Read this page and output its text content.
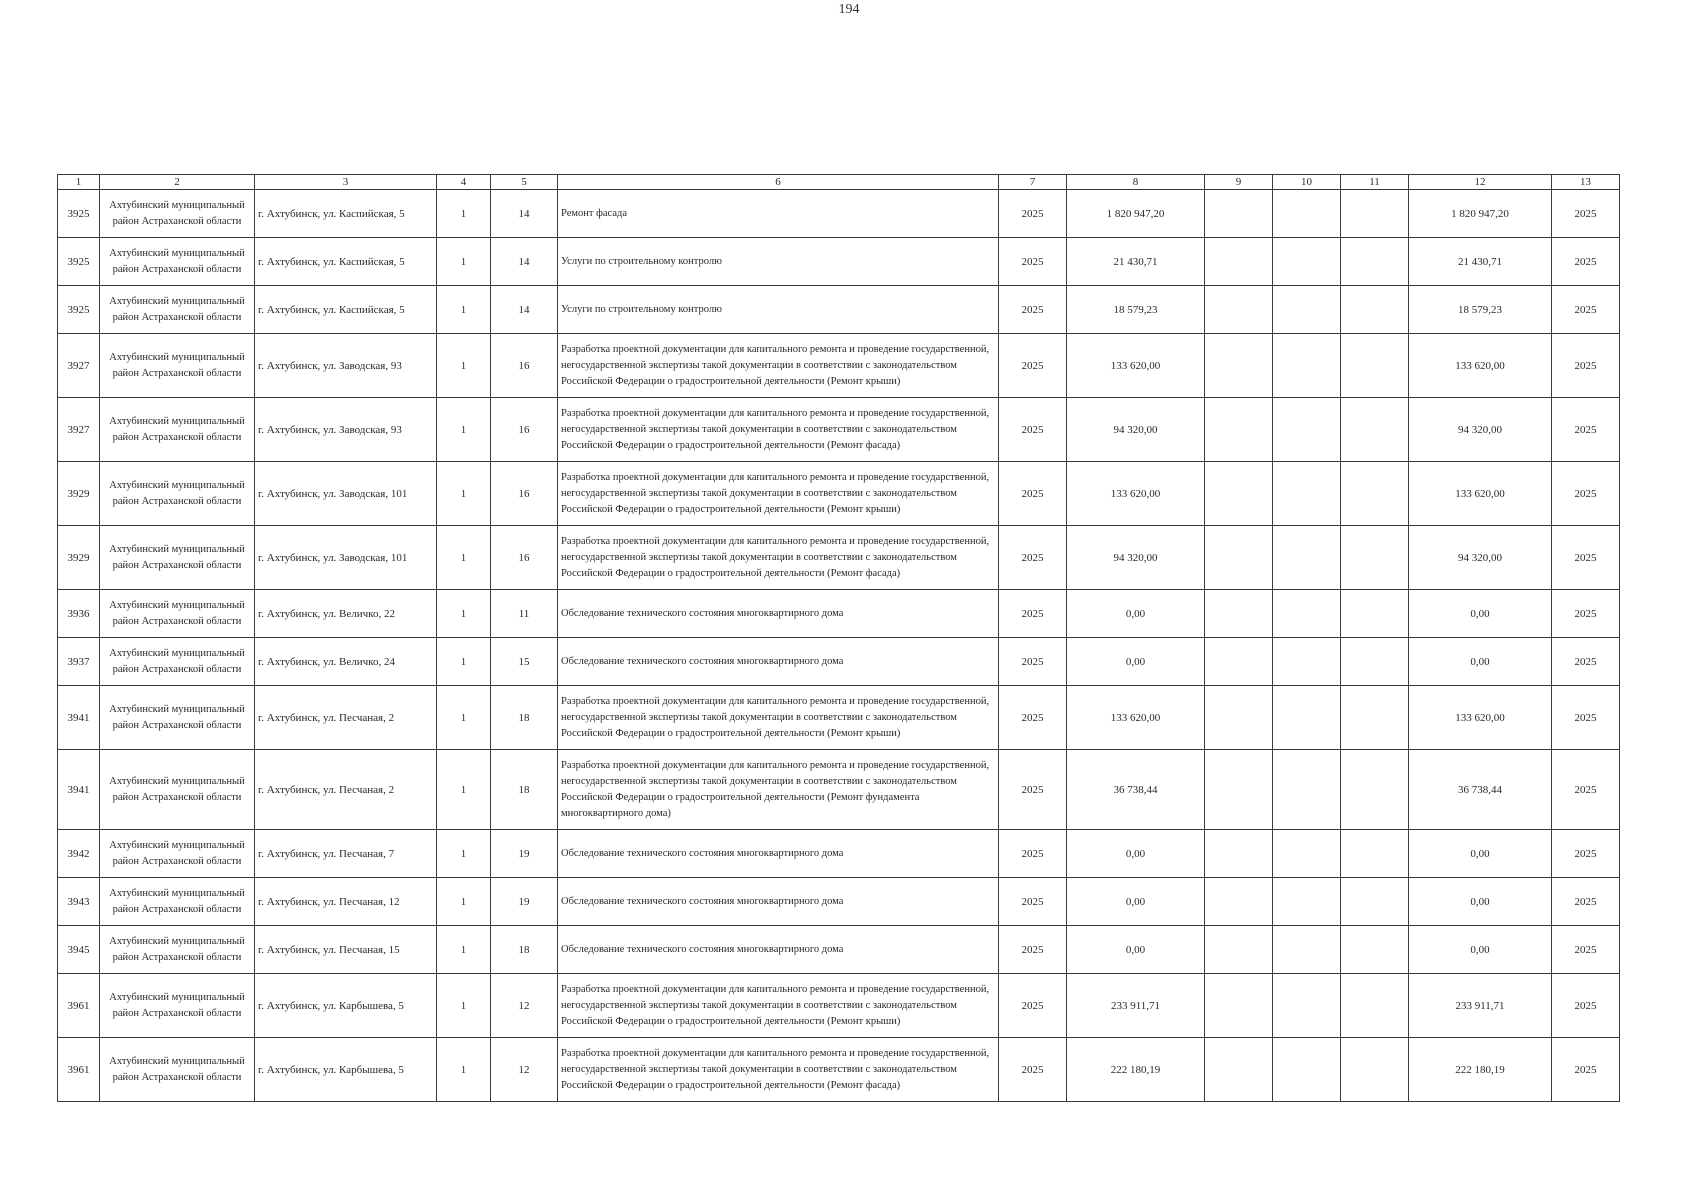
194
1	2	3	4	5	6	7	8	9	10	11	12	13
3925	Ахтубинский муниципальный район Астраханской области	г. Ахтубинск, ул. Каспийская, 5	1	14	Ремонт фасада	2025	1 820 947,20				1 820 947,20	2025
3925	Ахтубинский муниципальный район Астраханской области	г. Ахтубинск, ул. Каспийская, 5	1	14	Услуги по строительному контролю	2025	21 430,71				21 430,71	2025
3925	Ахтубинский муниципальный район Астраханской области	г. Ахтубинск, ул. Каспийская, 5	1	14	Услуги по строительному контролю	2025	18 579,23				18 579,23	2025
3927	Ахтубинский муниципальный район Астраханской области	г. Ахтубинск, ул. Заводская, 93	1	16	Разработка проектной документации для капитального ремонта и проведение государственной, негосударственной экспертизы такой документации в соответствии с законодательством Российской Федерации о градостроительной деятельности (Ремонт крыши)	2025	133 620,00				133 620,00	2025
3927	Ахтубинский муниципальный район Астраханской области	г. Ахтубинск, ул. Заводская, 93	1	16	Разработка проектной документации для капитального ремонта и проведение государственной, негосударственной экспертизы такой документации в соответствии с законодательством Российской Федерации о градостроительной деятельности (Ремонт фасада)	2025	94 320,00				94 320,00	2025
3929	Ахтубинский муниципальный район Астраханской области	г. Ахтубинск, ул. Заводская, 101	1	16	Разработка проектной документации для капитального ремонта и проведение государственной, негосударственной экспертизы такой документации в соответствии с законодательством Российской Федерации о градостроительной деятельности (Ремонт крыши)	2025	133 620,00				133 620,00	2025
3929	Ахтубинский муниципальный район Астраханской области	г. Ахтубинск, ул. Заводская, 101	1	16	Разработка проектной документации для капитального ремонта и проведение государственной, негосударственной экспертизы такой документации в соответствии с законодательством Российской Федерации о градостроительной деятельности (Ремонт фасада)	2025	94 320,00				94 320,00	2025
3936	Ахтубинский муниципальный район Астраханской области	г. Ахтубинск, ул. Величко, 22	1	11	Обследование технического состояния многоквартирного дома	2025	0,00				0,00	2025
3937	Ахтубинский муниципальный район Астраханской области	г. Ахтубинск, ул. Величко, 24	1	15	Обследование технического состояния многоквартирного дома	2025	0,00				0,00	2025
3941	Ахтубинский муниципальный район Астраханской области	г. Ахтубинск, ул. Песчаная, 2	1	18	Разработка проектной документации для капитального ремонта и проведение государственной, негосударственной экспертизы такой документации в соответствии с законодательством Российской Федерации о градостроительной деятельности (Ремонт крыши)	2025	133 620,00				133 620,00	2025
3941	Ахтубинский муниципальный район Астраханской области	г. Ахтубинск, ул. Песчаная, 2	1	18	Разработка проектной документации для капитального ремонта и проведение государственной, негосударственной экспертизы такой документации в соответствии с законодательством Российской Федерации о градостроительной деятельности (Ремонт фундамента многоквартирного дома)	2025	36 738,44				36 738,44	2025
3942	Ахтубинский муниципальный район Астраханской области	г. Ахтубинск, ул. Песчаная, 7	1	19	Обследование технического состояния многоквартирного дома	2025	0,00				0,00	2025
3943	Ахтубинский муниципальный район Астраханской области	г. Ахтубинск, ул. Песчаная, 12	1	19	Обследование технического состояния многоквартирного дома	2025	0,00				0,00	2025
3945	Ахтубинский муниципальный район Астраханской области	г. Ахтубинск, ул. Песчаная, 15	1	18	Обследование технического состояния многоквартирного дома	2025	0,00				0,00	2025
3961	Ахтубинский муниципальный район Астраханской области	г. Ахтубинск, ул. Карбышева, 5	1	12	Разработка проектной документации для капитального ремонта и проведение государственной, негосударственной экспертизы такой документации в соответствии с законодательством Российской Федерации о градостроительной деятельности (Ремонт крыши)	2025	233 911,71				233 911,71	2025
3961	Ахтубинский муниципальный район Астраханской области	г. Ахтубинск, ул. Карбышева, 5	1	12	Разработка проектной документации для капитального ремонта и проведение государственной, негосударственной экспертизы такой документации в соответствии с законодательством Российской Федерации о градостроительной деятельности (Ремонт фасада)	2025	222 180,19				222 180,19	2025
